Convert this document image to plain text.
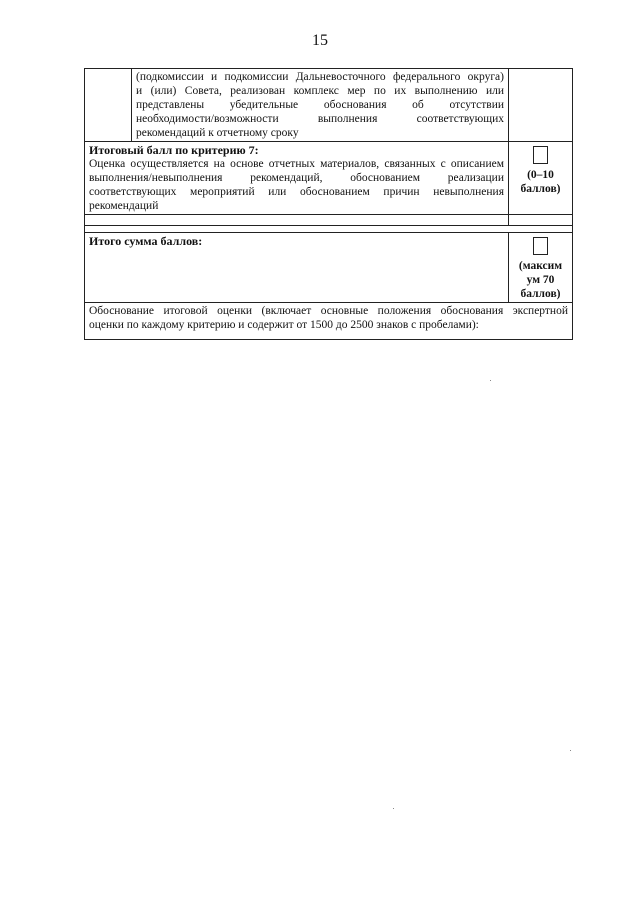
15

	(подкомиссии и подкомиссии Дальневосточного федерального округа)
и (или) Совета, реализован комплекс мер по их выполнению или
представлены убедительные обоснования об отсутствии
необходимости/возможности выполнения соответствующих
рекомендаций к отчетному сроку	

Итоговый балл по критерию 7:
Оценка осуществляется на основе отчетных материалов, связанных с описанием
выполнения/невыполнения рекомендаций, обоснованием реализации
соответствующих мероприятий или обоснованием причин невыполнения
рекомендаций		(0–10
баллов)

Итого сумма баллов:		(максим
ум 70
баллов)

Обоснование итоговой оценки (включает основные положения обоснования экспертной
оценки по каждому критерию и содержит от 1500 до 2500 знаков с пробелами):		
